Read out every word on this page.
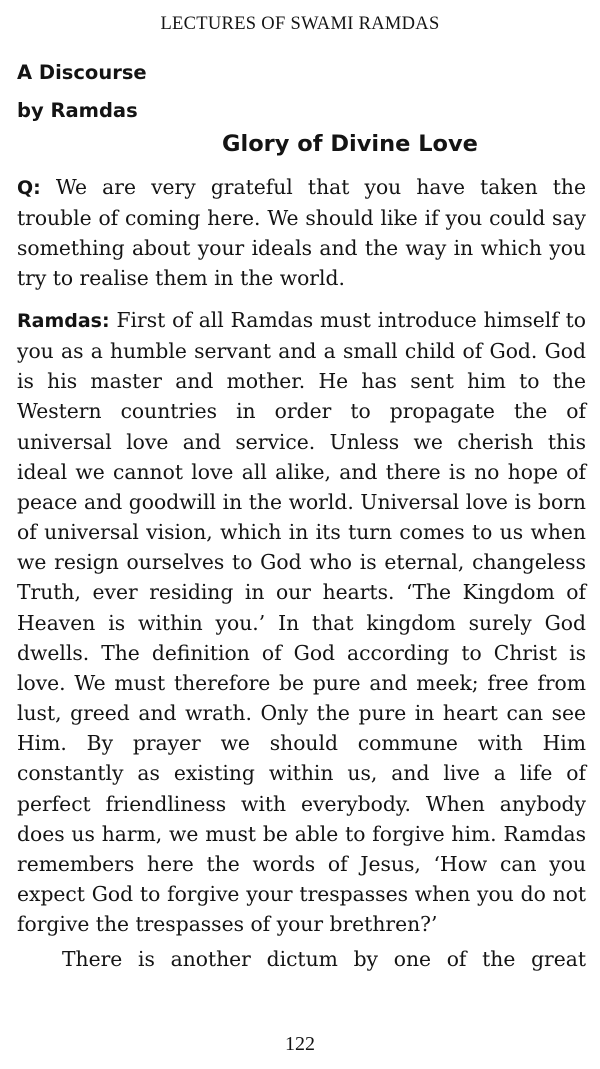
LECTURES OF SWAMI RAMDAS
A Discourse
by Ramdas
Glory of Divine Love

Q: We are very grateful that you have taken the trouble of coming here. We should like if you could say something about your ideals and the way in which you try to realise them in the world.

Ramdas: First of all Ramdas must introduce himself to you as a humble servant and a small child of God. God is his master and mother. He has sent him to the Western countries in order to propagate the of universal love and service. Unless we cherish this ideal we cannot love all alike, and there is no hope of peace and goodwill in the world. Universal love is born of universal vision, which in its turn comes to us when we resign ourselves to God who is eternal, changeless Truth, ever residing in our hearts. ‘The Kingdom of Heaven is within you.’ In that kingdom surely God dwells. The definition of God according to Christ is love. We must therefore be pure and meek; free from lust, greed and wrath. Only the pure in heart can see Him. By prayer we should commune with Him constantly as existing within us, and live a life of perfect friendliness with everybody. When anybody does us harm, we must be able to forgive him. Ramdas remembers here the words of Jesus, ‘How can you expect God to forgive your trespasses when you do not forgive the trespasses of your brethren?’

There is another dictum by one of the great

122
